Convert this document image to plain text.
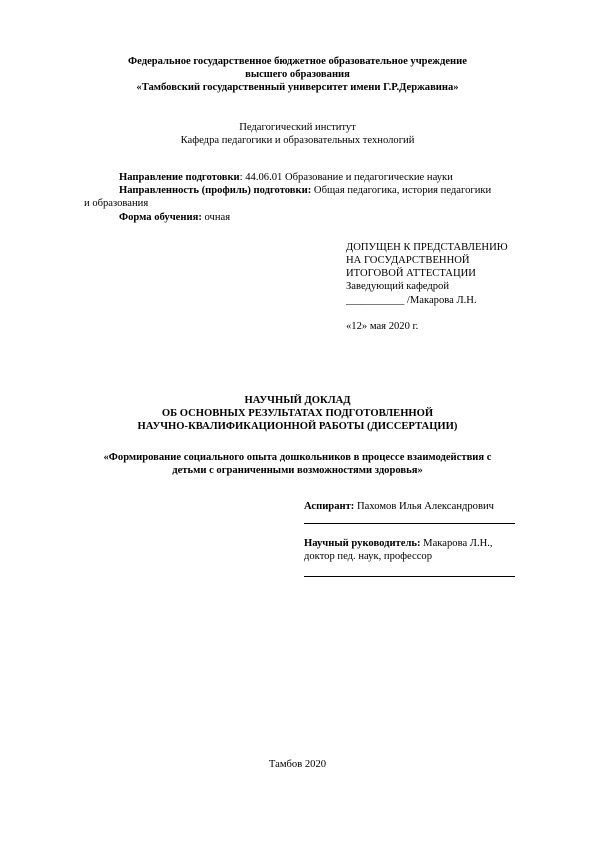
Федеральное государственное бюджетное образовательное учреждение
высшего образования
«Тамбовский государственный университет имени Г.Р.Державина»
Педагогический институт
Кафедра педагогики и образовательных технологий
Направление подготовки: 44.06.01 Образование и педагогические науки
Направленность (профиль) подготовки: Общая педагогика, история педагогики
и образования
Форма обучения: очная
ДОПУЩЕН К ПРЕДСТАВЛЕНИЮ
НА ГОСУДАРСТВЕННОЙ
ИТОГОВОЙ АТТЕСТАЦИИ
Заведующий кафедрой
___________ /Макарова Л.Н.
«12» мая 2020 г.
НАУЧНЫЙ ДОКЛАД
ОБ ОСНОВНЫХ РЕЗУЛЬТАТАХ ПОДГОТОВЛЕННОЙ
НАУЧНО-КВАЛИФИКАЦИОННОЙ РАБОТЫ (ДИССЕРТАЦИИ)
«Формирование социального опыта дошкольников в процессе взаимодействия с
детьми с ограниченными возможностями здоровья»
Аспирант: Пахомов Илья Александрович
Научный руководитель: Макарова Л.Н.,
доктор пед. наук, профессор
Тамбов 2020
